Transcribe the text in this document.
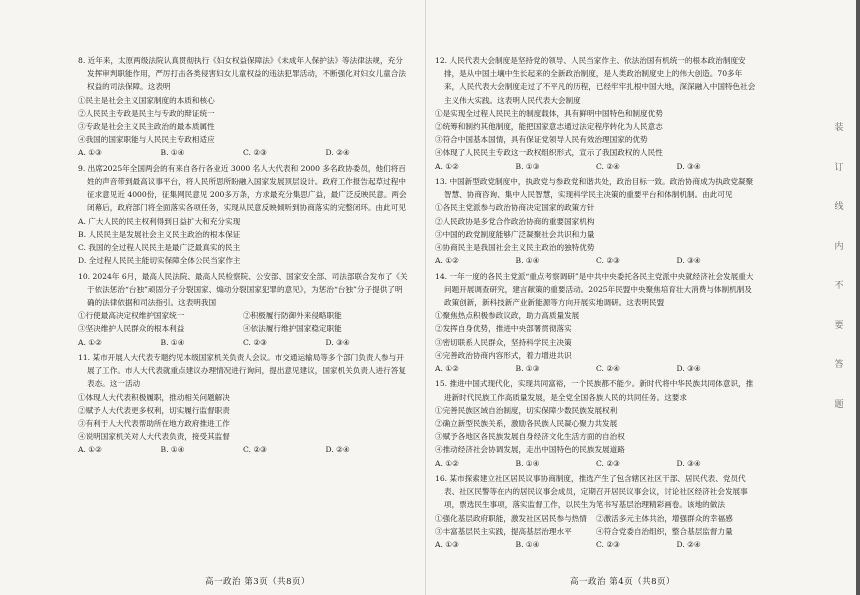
8. 近年来，太原两级法院认真贯彻执行《妇女权益保障法》《未成年人保护法》等法律法规，充分发挥审判职能作用，严厉打击各类侵害妇女儿童权益的违法犯罪活动，不断强化对妇女儿童合法权益的司法保障。这表明
①民主是社会主义国家制度的本质和核心
②人民民主专政是民主与专政的辩证统一
③专政是社会主义民主政治的最本质属性
④我国的国家职能与人民民主专政相适应
A. ①③	B. ①④	C. ②③	D. ②④
9. 出席2025年全国两会的有来自各行各业近 3000 名人大代表和 2000 多名政协委员，他们将百姓的声音带到最高议事平台，将人民所思所盼融入国家发展顶层设计。政府工作报告起草过程中征求意见近 4000份，征集网民意见 200多万条，方求最充分集思广益，最广泛反映民意。两会闭幕后，政府部门将全面落实各项任务，实现从民意反映倾听到协商落实的完整闭环。由此可见
A. 广大人民的民主权利得到日益扩大和充分实现
B. 人民民主是发展社会主义民主政治的根本保证
C. 我国的全过程人民民主是最广泛最真实的民主
D. 全过程人民民主能切实保障全体公民当家作主
10. 2024年 6月，最高人民法院、最高人民检察院、公安部、国家安全部、司法部联合发布了《关于依法惩治“台独”顽固分子分裂国家、煽动分裂国家犯罪的意见》，为惩治“台独”分子提供了明确的法律依据和司法指引。这表明我国
①行使最高决定权维护国家统一	②积极履行防御外来侵略职能
③坚决维护人民群众的根本利益	④依法履行维护国家稳定职能
A. ①②	B. ①④	C. ②③	D. ③④
11. 某市开展人大代表专题约见本级国家机关负责人会议。市交通运输局等多个部门负责人参与开展了工作。市人大代表就重点建议办理情况进行询问，提出意见建议，国家机关负责人进行答复表态。这一活动
①体现人大代表积极履职，推动相关问题解决
②赋予人大代表更多权利，切实履行监督职责
③有利于人大代表帮助所在地方政府推进工作
④说明国家机关对人大代表负责，接受其监督
A. ①②	B. ①④	C. ②③	D. ②④
高一政治 第3页（共8页）
12. 人民代表大会制度是坚持党的领导、人民当家作主、依法治国有机统一的根本政治制度安排，是从中国土壤中生长起来的全新政治制度，是人类政治制度史上的伟大创造。70多年来，人民代表大会制度走过了不平凡的历程，已经牢牢扎根中国大地，深深融入中国特色社会主义伟大实践。这表明人民代表大会制度
①是实现全过程人民民主的制度载体，具有鲜明中国特色和制度优势
②统筹和制约其他制度，能把国家意志通过法定程序转化为人民意志
③符合中国基本国情，具有保证党领导人民有效治理国家的优势
④体现了人民民主专政这一政权组织形式，宣示了我国政权的人民性
A. ①②	B. ①③	C. ②④	D. ③④
13. 中国新型政党制度中，执政党与参政党和谐共处，政治目标一致。政治协商成为执政党凝聚智慧、协商咨询、集中人民智慧，实现科学民主决策的重要平台和体制机制。由此可见
①各民主党派参与政治协商决定国家的政策方针
②人民政协是多党合作政治协商的重要国家机构
③中国的政党制度能够广泛凝聚社会共识和力量
④协商民主是我国社会主义民主政治的独特优势
A. ①②	B. ①④	C. ②③	D. ③④
14. 一年一度的各民主党派“重点考察调研”是中共中央委托各民主党派中央就经济社会发展重大问题开展调查研究，建言献策的重要活动。2025年民盟中央聚焦培育壮大消费与体制机制及政策创新，新科技新产业新能源等方向开展实地调研。这表明民盟
①聚焦热点积极参政议政，助力高质量发展
②发挥自身优势，推进中央部署贯彻落实
③密切联系人民群众，坚持科学民主决策
④完善政治协商内容形式，着力增进共识
A. ①②	B. ①③	C. ②④	D. ③④
15. 推进中国式现代化，实现共同富裕，一个民族都不能少。新时代将中华民族共同体意识，推进新时代民族工作高质量发展，是全党全国各族人民的共同任务。这要求
①完善民族区域自治制度，切实保障少数民族发展权利
②确立新型民族关系，激励各民族人民凝心聚力共发展
③赋予各地区各民族发展自身经济文化生活方面的自治权
④推动经济社会协调发展，走出中国特色的民族发展道路
A. ①②	B. ①④	C. ②③	D. ③④
16. 某市探索建立社区居民议事协商制度，推选产生了包含辖区社区干部、居民代表、党员代表、社区民警等在内的居民议事会成员，定期召开居民议事会议，讨论社区经济社会发展事项，票选民生事项，落实监督工作，以民生为笔书写基层治理精彩画卷。该地的做法
①强化基层政府职能，激发社区居民参与热情	②激活多元主体共治，增强群众的幸福感
③丰富基层民主实践，提高基层治理水平	④符合党委自治组织，整合基层监督力量
A. ①③	B. ①④	C. ②③	D. ②④
高一政治 第4页（共8页）
装
订
线
内
不
要
答
题
